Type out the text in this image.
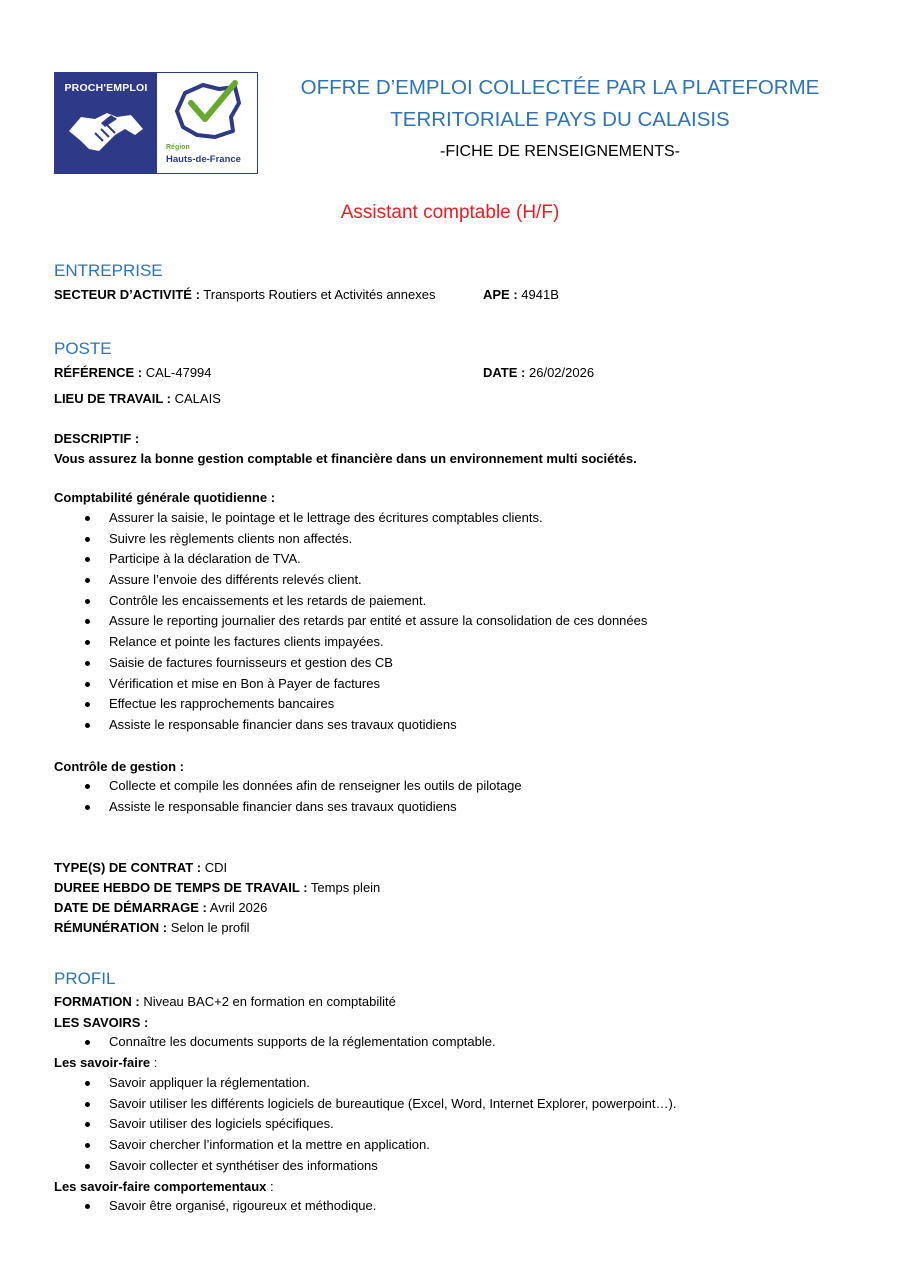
PROCH'EMPLOI
Région
Hauts-de-France
OFFRE D’EMPLOI COLLECTÉE PAR LA PLATEFORME
TERRITORIALE PAYS DU CALAISIS
-FICHE DE RENSEIGNEMENTS-
Assistant comptable (H/F)
ENTREPRISE
SECTEUR D’ACTIVITÉ : Transports Routiers et Activités annexes	APE : 4941B
POSTE
RÉFÉRENCE : CAL-47994	DATE : 26/02/2026
LIEU DE TRAVAIL : CALAIS
DESCRIPTIF :
Vous assurez la bonne gestion comptable et financière dans un environnement multi sociétés.
Comptabilité générale quotidienne :
Assurer la saisie, le pointage et le lettrage des écritures comptables clients.
Suivre les règlements clients non affectés.
Participe à la déclaration de TVA.
Assure l’envoie des différents relevés client.
Contrôle les encaissements et les retards de paiement.
Assure le reporting journalier des retards par entité et assure la consolidation de ces données
Relance et pointe les factures clients impayées.
Saisie de factures fournisseurs et gestion des CB
Vérification et mise en Bon à Payer de factures
Effectue les rapprochements bancaires
Assiste le responsable financier dans ses travaux quotidiens
Contrôle de gestion :
Collecte et compile les données afin de renseigner les outils de pilotage
Assiste le responsable financier dans ses travaux quotidiens
TYPE(S) DE CONTRAT : CDI
DUREE HEBDO DE TEMPS DE TRAVAIL : Temps plein
DATE DE DÉMARRAGE : Avril 2026
RÉMUNÉRATION : Selon le profil
PROFIL
FORMATION : Niveau BAC+2 en formation en comptabilité
LES SAVOIRS :
Connaître les documents supports de la réglementation comptable.
Les savoir-faire :
Savoir appliquer la réglementation.
Savoir utiliser les différents logiciels de bureautique (Excel, Word, Internet Explorer, powerpoint…).
Savoir utiliser des logiciels spécifiques.
Savoir chercher l’information et la mettre en application.
Savoir collecter et synthétiser des informations
Les savoir-faire comportementaux :
Savoir être organisé, rigoureux et méthodique.
